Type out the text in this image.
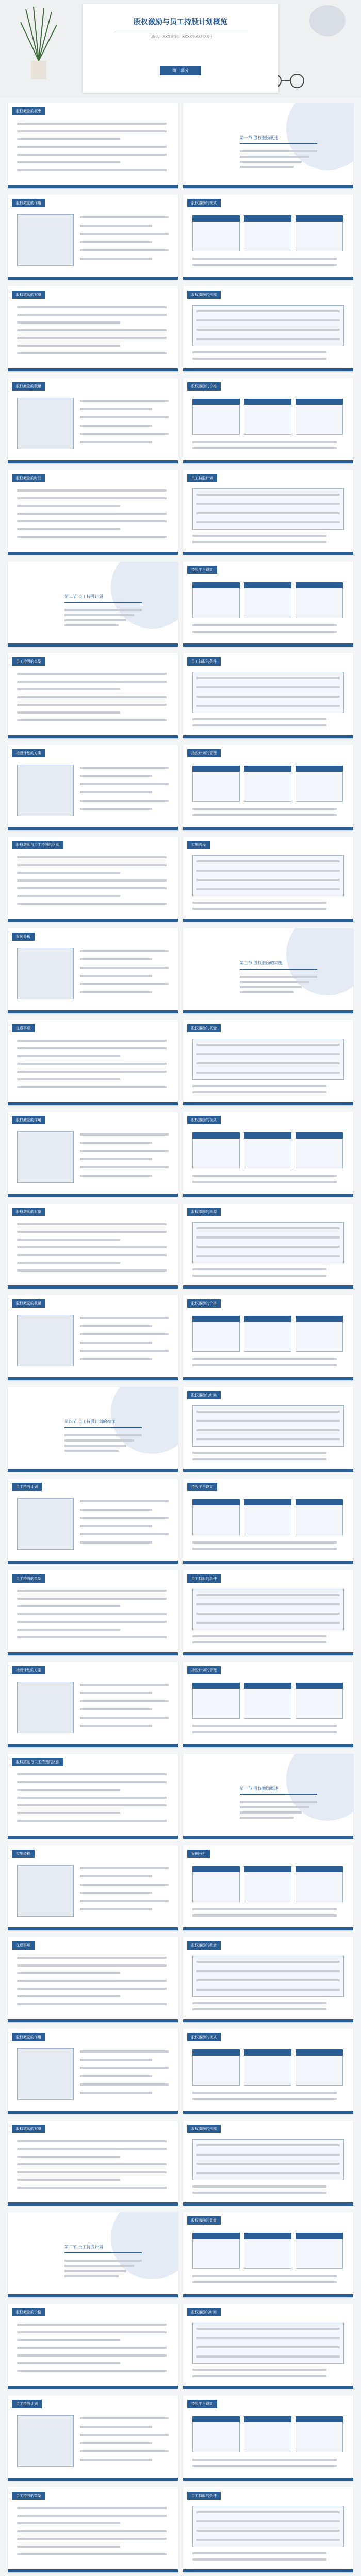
股权激励与员工持股计划概览
汇报人：XXX 时间：XXXX年XX月XX日
第一部分
股权激励的概念
第一节 股权激励概述
股权激励的作用	股权激励的模式
股权激励的对象	股权激励的来源
股权激励的数量	股权激励的价格
股权激励的时间	员工持股计划
第二节 员工持股计划
持股平台设立
员工持股的类型	员工持股的条件
持股计划的方案	持股计划的管理
股权激励与员工持股的区别	实施流程
案例分析
第三节 股权激励的实施
注意事项	股权激励的概念
股权激励的作用	股权激励的模式
股权激励的对象	股权激励的来源
股权激励的数量	股权激励的价格
第四节 员工持股计划的操作
股权激励的时间
员工持股计划	持股平台设立
员工持股的类型	员工持股的条件
持股计划的方案	持股计划的管理
股权激励与员工持股的区别
第一节 股权激励概述
实施流程	案例分析
注意事项	股权激励的概念
股权激励的作用	股权激励的模式
股权激励的对象	股权激励的来源
第二节 员工持股计划
股权激励的数量
股权激励的价格	股权激励的时间
员工持股计划	持股平台设立
员工持股的类型	员工持股的条件
